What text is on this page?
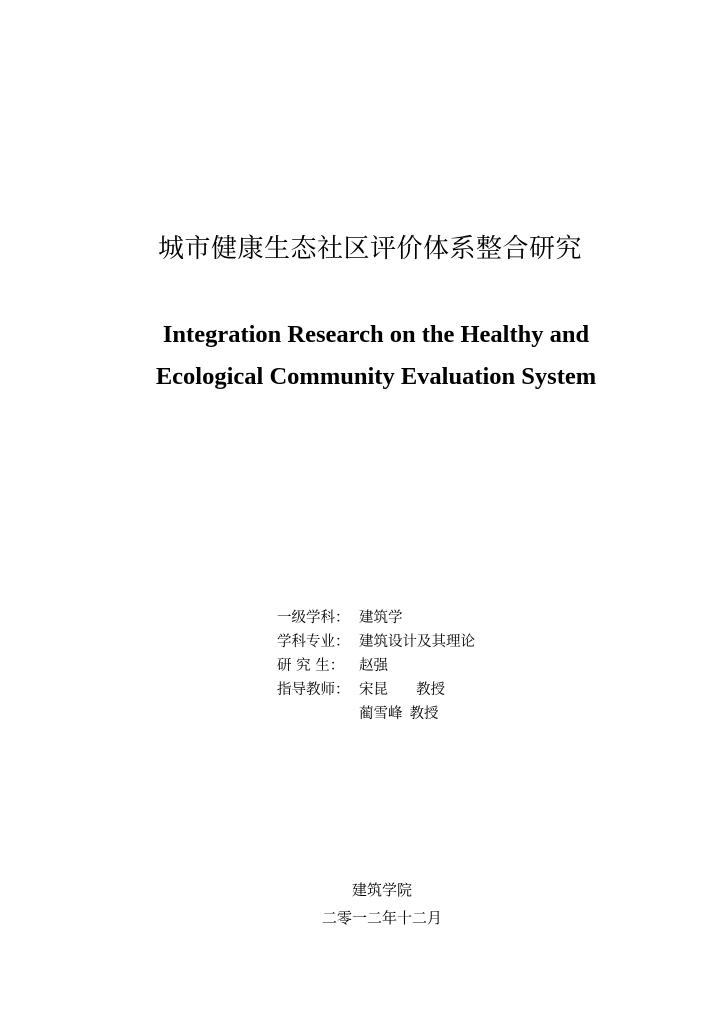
城市健康生态社区评价体系整合研究
Integration Research on the Healthy and
Ecological Community Evaluation System
一级学科： 建筑学
学科专业： 建筑设计及其理论
研 究 生：	赵强
指导教师： 宋昆 教授
蔺雪峰 教授
建筑学院
二零一二年十二月
